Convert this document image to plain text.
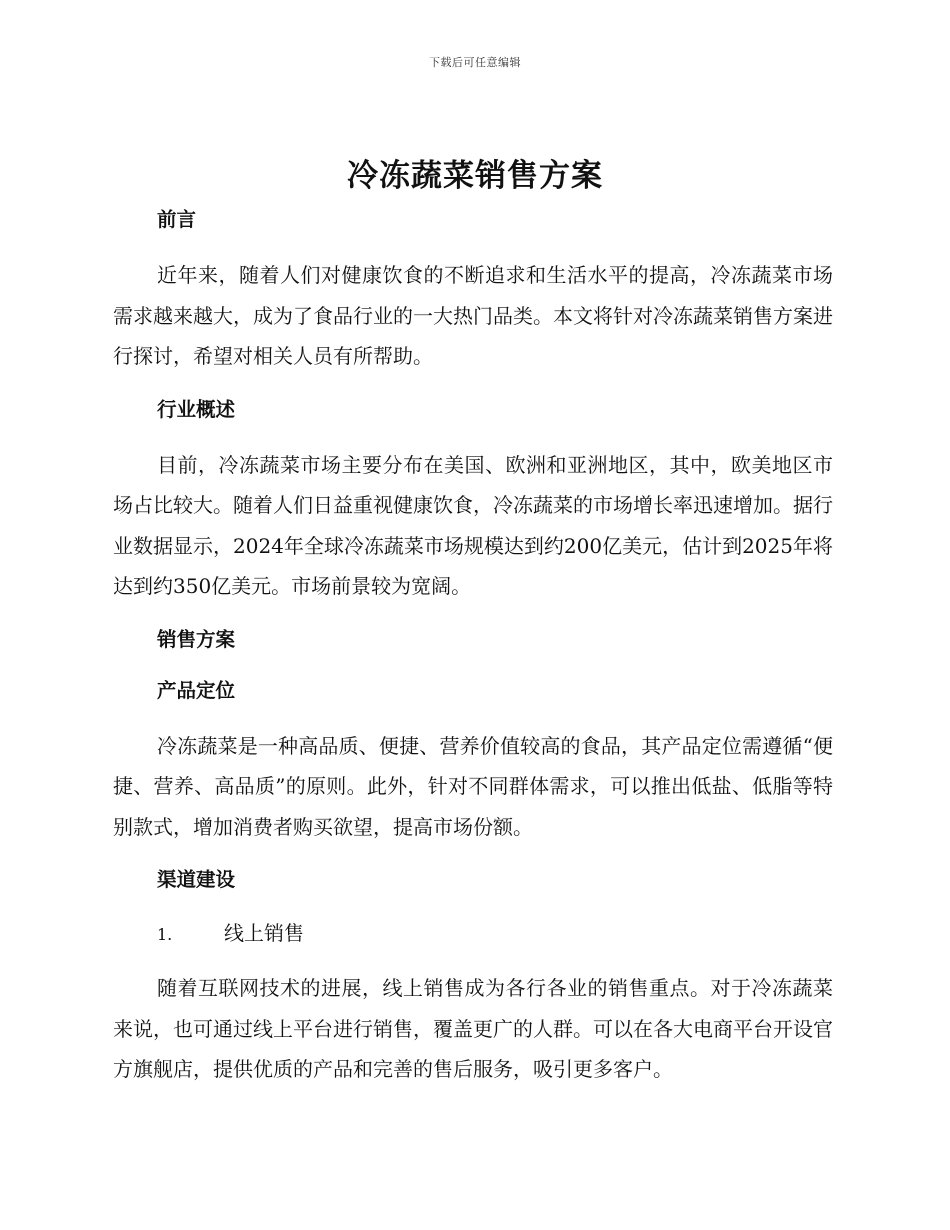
下载后可任意编辑
冷冻蔬菜销售方案
前言

近年来，随着人们对健康饮食的不断追求和生活水平的提高，冷冻蔬菜市场需求越来越大，成为了食品行业的一大热门品类。本文将针对冷冻蔬菜销售方案进行探讨，希望对相关人员有所帮助。

行业概述

目前，冷冻蔬菜市场主要分布在美国、欧洲和亚洲地区，其中，欧美地区市场占比较大。随着人们日益重视健康饮食，冷冻蔬菜的市场增长率迅速增加。据行业数据显示，2024年全球冷冻蔬菜市场规模达到约200亿美元，估计到2025年将达到约350亿美元。市场前景较为宽阔。

销售方案
产品定位

冷冻蔬菜是一种高品质、便捷、营养价值较高的食品，其产品定位需遵循“便捷、营养、高品质”的原则。此外，针对不同群体需求，可以推出低盐、低脂等特别款式，增加消费者购买欲望，提高市场份额。

渠道建设
1.	线上销售

随着互联网技术的进展，线上销售成为各行各业的销售重点。对于冷冻蔬菜来说，也可通过线上平台进行销售，覆盖更广的人群。可以在各大电商平台开设官方旗舰店，提供优质的产品和完善的售后服务，吸引更多客户。
